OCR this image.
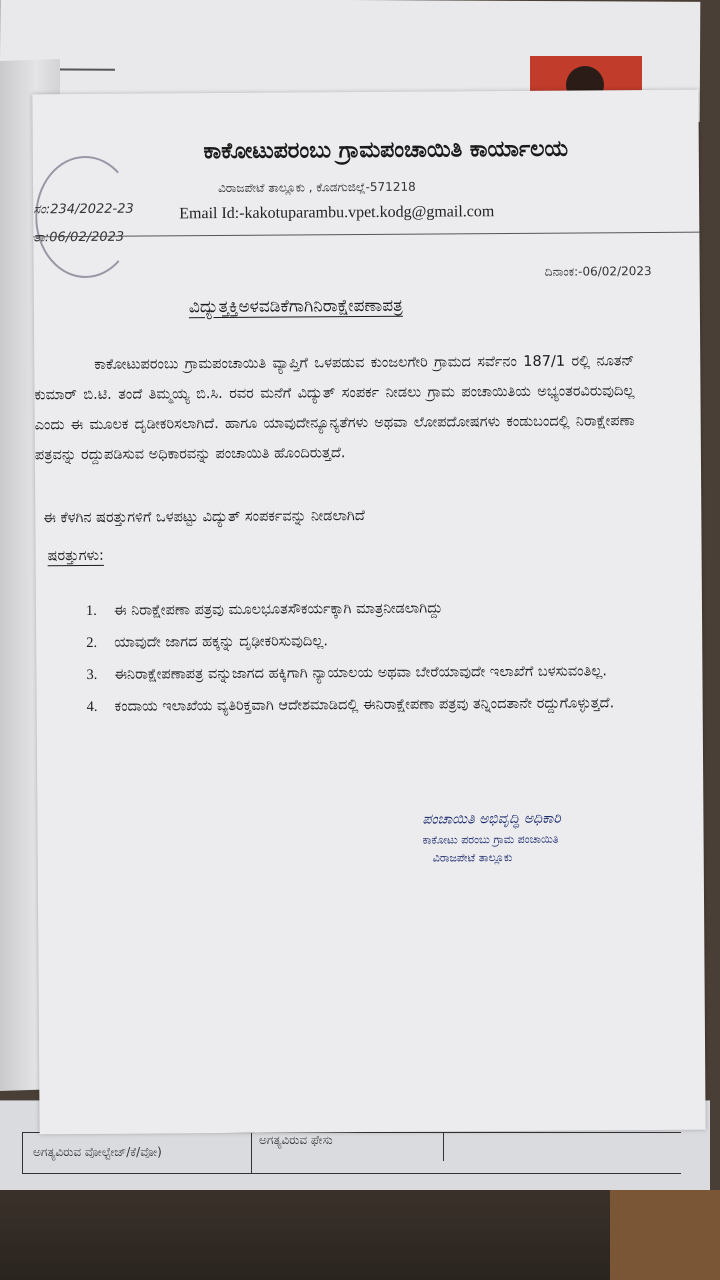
ಅಗತ್ಯವಿರುವ ವೋಲ್ಟೇಜ್/ಕೆ/ವೋ)
ಅಗತ್ಯವಿರುವ ಫೇಸು
ಕಾಕೋಟುಪರಂಬು ಗ್ರಾಮಪಂಚಾಯಿತಿ ಕಾರ್ಯಾಲಯ
ವಿರಾಜಪೇಟೆ ತಾಲ್ಲೂಕು , ಕೊಡಗುಜಿಲ್ಲೆ-571218
ಸಂ:234/2022-23	Email Id:-kakotuparambu.vpet.kodg@gmail.com
ತಾ:06/02/2023
ದಿನಾಂಕ:-06/02/2023
ವಿದ್ಯುತ್ತಕ್ತಿಅಳವಡಿಕೆಗಾಗಿನಿರಾಕ್ಷೇಪಣಾಪತ್ರ
ಕಾಕೋಟುಪರಂಬು ಗ್ರಾಮಪಂಚಾಯಿತಿ ವ್ಯಾಪ್ತಿಗೆ ಒಳಪಡುವ ಕುಂಜಲಗೇರಿ ಗ್ರಾಮದ ಸರ್ವೆನಂ 187/1 ರಲ್ಲಿ ನೂತನ್ ಕುಮಾರ್ ಬಿ.ಟಿ. ತಂದೆ ತಿಮ್ಮಯ್ಯ ಬಿ.ಸಿ. ರವರ ಮನೆಗೆ ವಿದ್ಯುತ್ ಸಂಪರ್ಕ ನೀಡಲು ಗ್ರಾಮ ಪಂಚಾಯಿತಿಯ ಅಭ್ಯಂತರವಿರುವುದಿಲ್ಲ ಎಂದು ಈ ಮೂಲಕ ದೃಡೀಕರಿಸಲಾಗಿದೆ. ಹಾಗೂ ಯಾವುದೇನ್ಯೂನ್ಯತೆಗಳು ಅಥವಾ ಲೋಪದೋಷಗಳು ಕಂಡುಬಂದಲ್ಲಿ ನಿರಾಕ್ಷೇಪಣಾ ಪತ್ರವನ್ನು ರದ್ದುಪಡಿಸುವ ಅಧಿಕಾರವನ್ನು ಪಂಚಾಯಿತಿ ಹೊಂದಿರುತ್ತದೆ.
ಈ ಕೆಳಗಿನ ಷರತ್ತುಗಳಿಗೆ ಒಳಪಟ್ಟು ವಿದ್ಯುತ್ ಸಂಪರ್ಕವನ್ನು ನೀಡಲಾಗಿದೆ
ಷರತ್ತುಗಳು:
1. ಈ ನಿರಾಕ್ಷೇಪಣಾ ಪತ್ರವು ಮೂಲಭೂತಸೌಕರ್ಯಕ್ಕಾಗಿ ಮಾತ್ರನೀಡಲಾಗಿದ್ದು
2. ಯಾವುದೇ ಜಾಗದ ಹಕ್ಕನ್ನು ದೃಢೀಕರಿಸುವುದಿಲ್ಲ.
3. ಈನಿರಾಕ್ಷೇಪಣಾಪತ್ರ ವನ್ನುಜಾಗದ ಹಕ್ಕಿಗಾಗಿ ನ್ಯಾಯಾಲಯ ಅಥವಾ ಬೇರೆಯಾವುದೇ ಇಲಾಖೆಗೆ ಬಳಸುವಂತಿಲ್ಲ.
4. ಕಂದಾಯ ಇಲಾಖೆಯ ವ್ಯತಿರಿಕ್ತವಾಗಿ ಆದೇಶಮಾಡಿದಲ್ಲಿ ಈನಿರಾಕ್ಷೇಪಣಾ ಪತ್ರವು ತನ್ನಿಂದತಾನೇ ರದ್ದುಗೊಳ್ಳುತ್ತದೆ.
ಪಂಚಾಯಿತಿ ಅಭಿವೃದ್ಧಿ ಅಧಿಕಾರಿ
ಕಾಕೋಟು ಪರಂಬು ಗ್ರಾಮ ಪಂಚಾಯಿತಿ
ವಿರಾಜಪೇಟೆ ತಾಲ್ಲೂಕು
